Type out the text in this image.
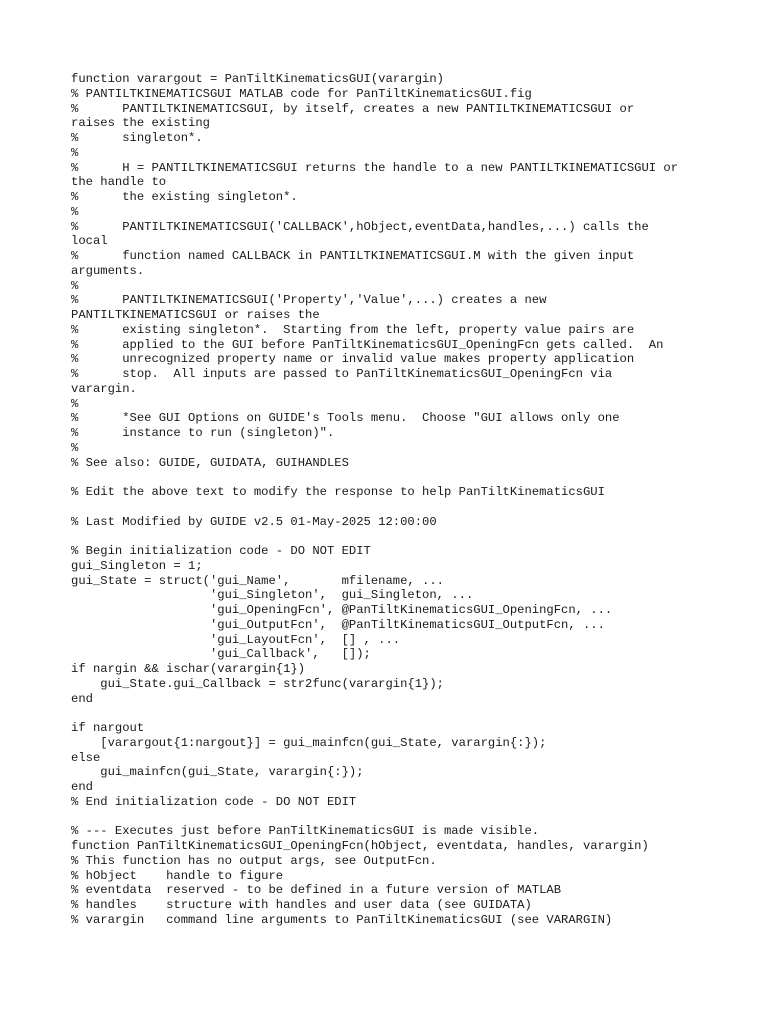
function varargout = PanTiltKinematicsGUI(varargin)
% PANTILTKINEMATICSGUI MATLAB code for PanTiltKinematicsGUI.fig
%      PANTILTKINEMATICSGUI, by itself, creates a new PANTILTKINEMATICSGUI or
raises the existing
%      singleton*.
%
%      H = PANTILTKINEMATICSGUI returns the handle to a new PANTILTKINEMATICSGUI or
the handle to
%      the existing singleton*.
%
%      PANTILTKINEMATICSGUI('CALLBACK',hObject,eventData,handles,...) calls the
local
%      function named CALLBACK in PANTILTKINEMATICSGUI.M with the given input
arguments.
%
%      PANTILTKINEMATICSGUI('Property','Value',...) creates a new
PANTILTKINEMATICSGUI or raises the
%      existing singleton*.  Starting from the left, property value pairs are
%      applied to the GUI before PanTiltKinematicsGUI_OpeningFcn gets called.  An
%      unrecognized property name or invalid value makes property application
%      stop.  All inputs are passed to PanTiltKinematicsGUI_OpeningFcn via
varargin.
%
%      *See GUI Options on GUIDE's Tools menu.  Choose "GUI allows only one
%      instance to run (singleton)".
%
% See also: GUIDE, GUIDATA, GUIHANDLES
% Edit the above text to modify the response to help PanTiltKinematicsGUI
% Last Modified by GUIDE v2.5 01-May-2025 12:00:00
% Begin initialization code - DO NOT EDIT
gui_Singleton = 1;
gui_State = struct('gui_Name',       mfilename, ...
'gui_Singleton',  gui_Singleton, ...
'gui_OpeningFcn', @PanTiltKinematicsGUI_OpeningFcn, ...
'gui_OutputFcn',  @PanTiltKinematicsGUI_OutputFcn, ...
'gui_LayoutFcn',  [] , ...
'gui_Callback',   []);
if nargin && ischar(varargin{1})
gui_State.gui_Callback = str2func(varargin{1});
end
if nargout
[varargout{1:nargout}] = gui_mainfcn(gui_State, varargin{:});
else
gui_mainfcn(gui_State, varargin{:});
end
% End initialization code - DO NOT EDIT
% --- Executes just before PanTiltKinematicsGUI is made visible.
function PanTiltKinematicsGUI_OpeningFcn(hObject, eventdata, handles, varargin)
% This function has no output args, see OutputFcn.
% hObject    handle to figure
% eventdata  reserved - to be defined in a future version of MATLAB
% handles    structure with handles and user data (see GUIDATA)
% varargin   command line arguments to PanTiltKinematicsGUI (see VARARGIN)
